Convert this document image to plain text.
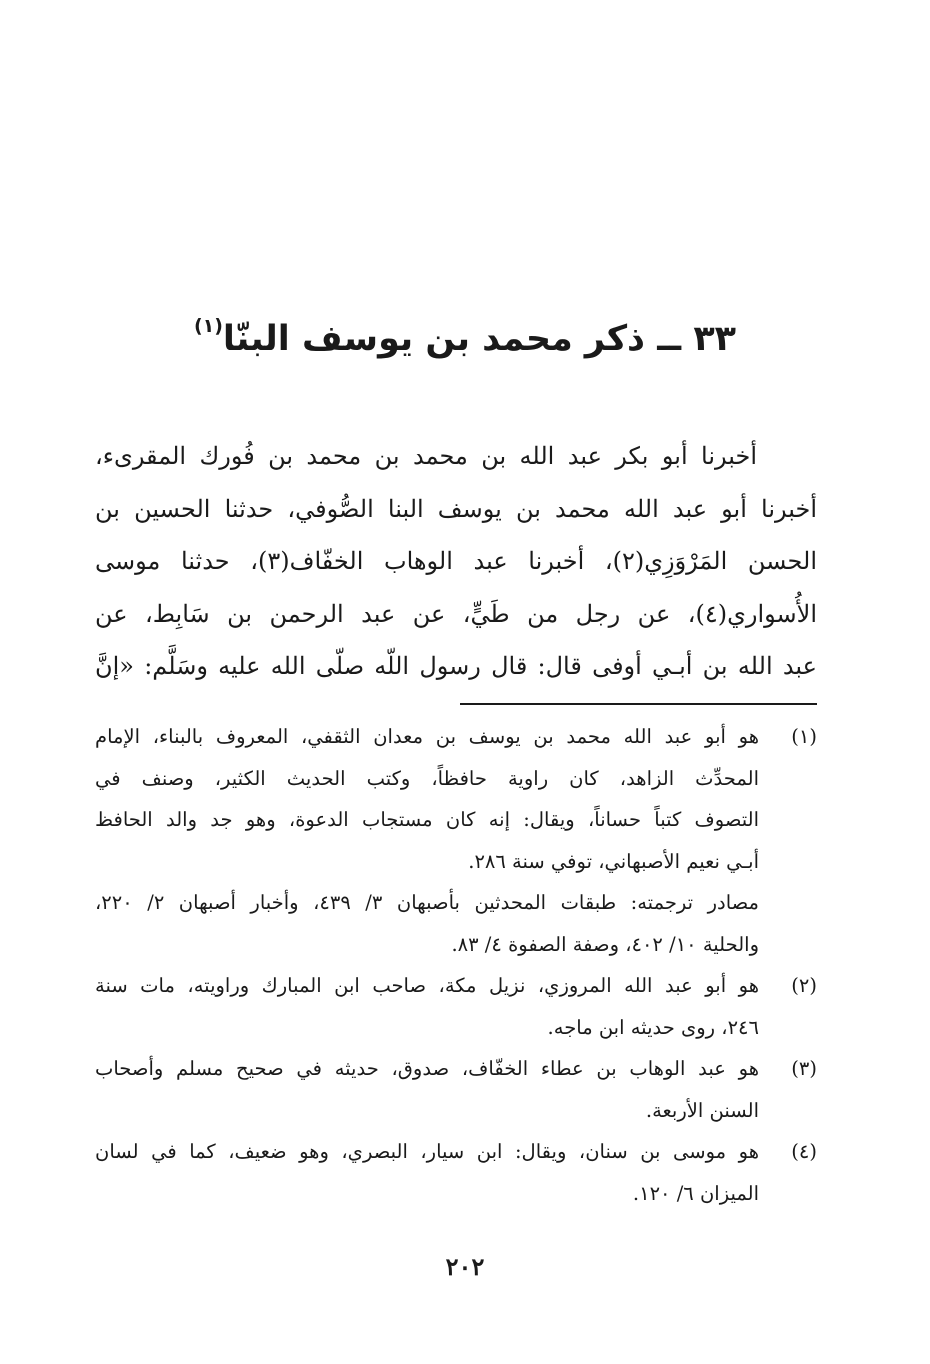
٣٣ ــ ذكر محمد بن يوسف البنّا$^{(١)}$
أخبرنا أبو بكر عبد الله بن محمد بن محمد بن فُورك المقرىء،
أخبرنا أبو عبد الله محمد بن يوسف البنا الصُّوفي، حدثنا الحسين بن
الحسن المَرْوَزِي(٢)، أخبرنا عبد الوهاب الخفّاف(٣)، حدثنا موسى
الأُسواري(٤)، عن رجل من طَيٍّ، عن عبد الرحمن بن سَابِط، عن
عبد الله بن أبـي أوفى قال: قال رسول اللّه صلّى الله عليه وسَلَّم: «إنَّ
(١)
هو أبو عبد الله محمد بن يوسف بن معدان الثقفي، المعروف بالبناء، الإمام
المحدِّث الزاهد، كان راوية حافظاً، وكتب الحديث الكثير، وصنف في
التصوف كتباً حساناً، ويقال: إنه كان مستجاب الدعوة، وهو جد والد الحافظ
أبـي نعيم الأصبهاني، توفي سنة ٢٨٦.
مصادر ترجمته: طبقات المحدثين بأصبهان ٣/ ٤٣٩، وأخبار أصبهان ٢/ ٢٢٠،
والحلية ١٠/ ٤٠٢، وصفة الصفوة ٤/ ٨٣.
(٢)
هو أبو عبد الله المروزي، نزيل مكة، صاحب ابن المبارك وراويته، مات سنة
٢٤٦، روى حديثه ابن ماجه.
(٣)
هو عبد الوهاب بن عطاء الخفّاف، صدوق، حديثه في صحيح مسلم وأصحاب
السنن الأربعة.
(٤)
هو موسى بن سنان، ويقال: ابن سيار، البصري، وهو ضعيف، كما في لسان
الميزان ٦/ ١٢٠.
٢٠٢
